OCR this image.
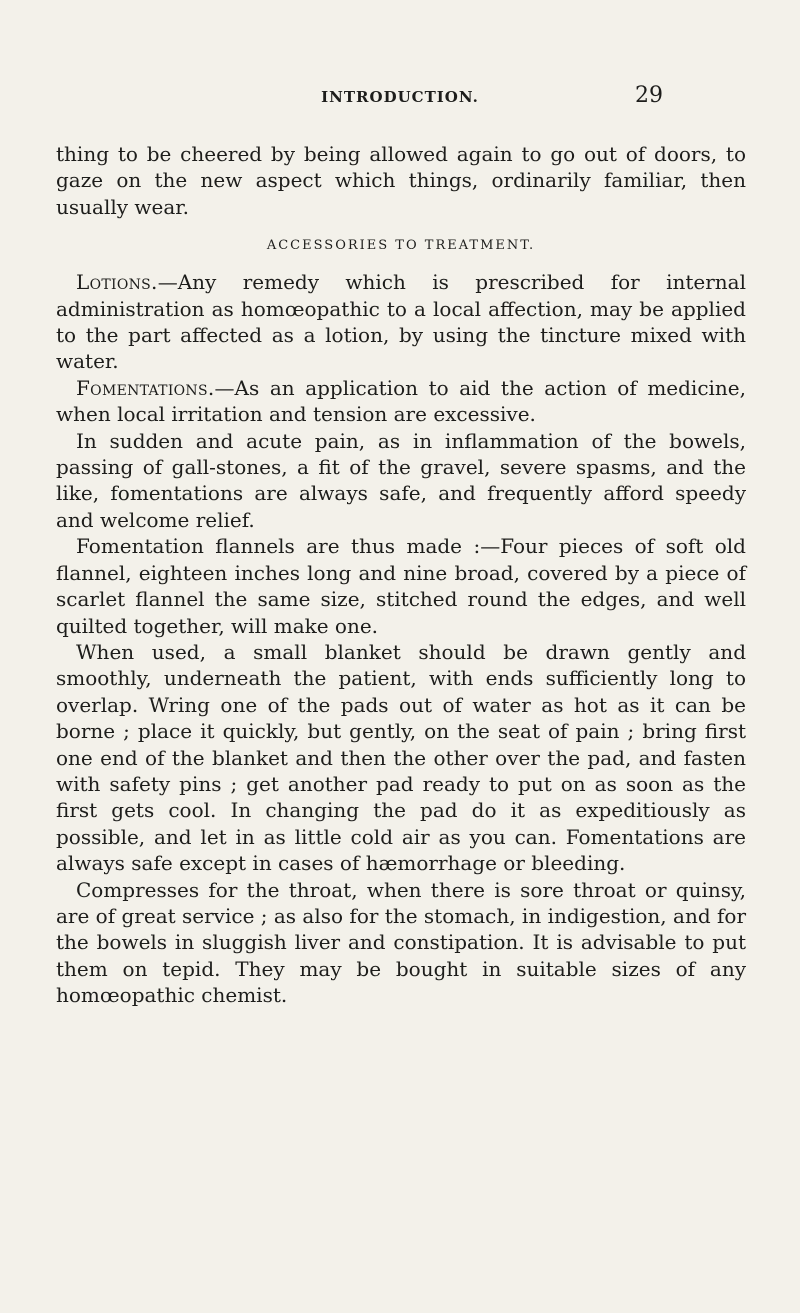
INTRODUCTION.	29

thing to be cheered by being allowed again to go out of doors, to gaze on the new aspect which things, ordinarily familiar, then usually wear.

ACCESSORIES TO TREATMENT.

Lotions.—Any remedy which is prescribed for internal administration as homœopathic to a local affection, may be applied to the part affected as a lotion, by using the tincture mixed with water.

Fomentations.—As an application to aid the action of medicine, when local irritation and tension are excessive.

In sudden and acute pain, as in inflammation of the bowels, passing of gall-stones, a fit of the gravel, severe spasms, and the like, fomentations are always safe, and frequently afford speedy and welcome relief.

Fomentation flannels are thus made :—Four pieces of soft old flannel, eighteen inches long and nine broad, covered by a piece of scarlet flannel the same size, stitched round the edges, and well quilted together, will make one.

When used, a small blanket should be drawn gently and smoothly, underneath the patient, with ends sufficiently long to overlap. Wring one of the pads out of water as hot as it can be borne ; place it quickly, but gently, on the seat of pain ; bring first one end of the blanket and then the other over the pad, and fasten with safety pins ; get another pad ready to put on as soon as the first gets cool. In changing the pad do it as expeditiously as possible, and let in as little cold air as you can. Fomentations are always safe except in cases of hæmorrhage or bleeding.

Compresses for the throat, when there is sore throat or quinsy, are of great service ; as also for the stomach, in indigestion, and for the bowels in sluggish liver and constipation. It is advisable to put them on tepid. They may be bought in suitable sizes of any homœopathic chemist.
